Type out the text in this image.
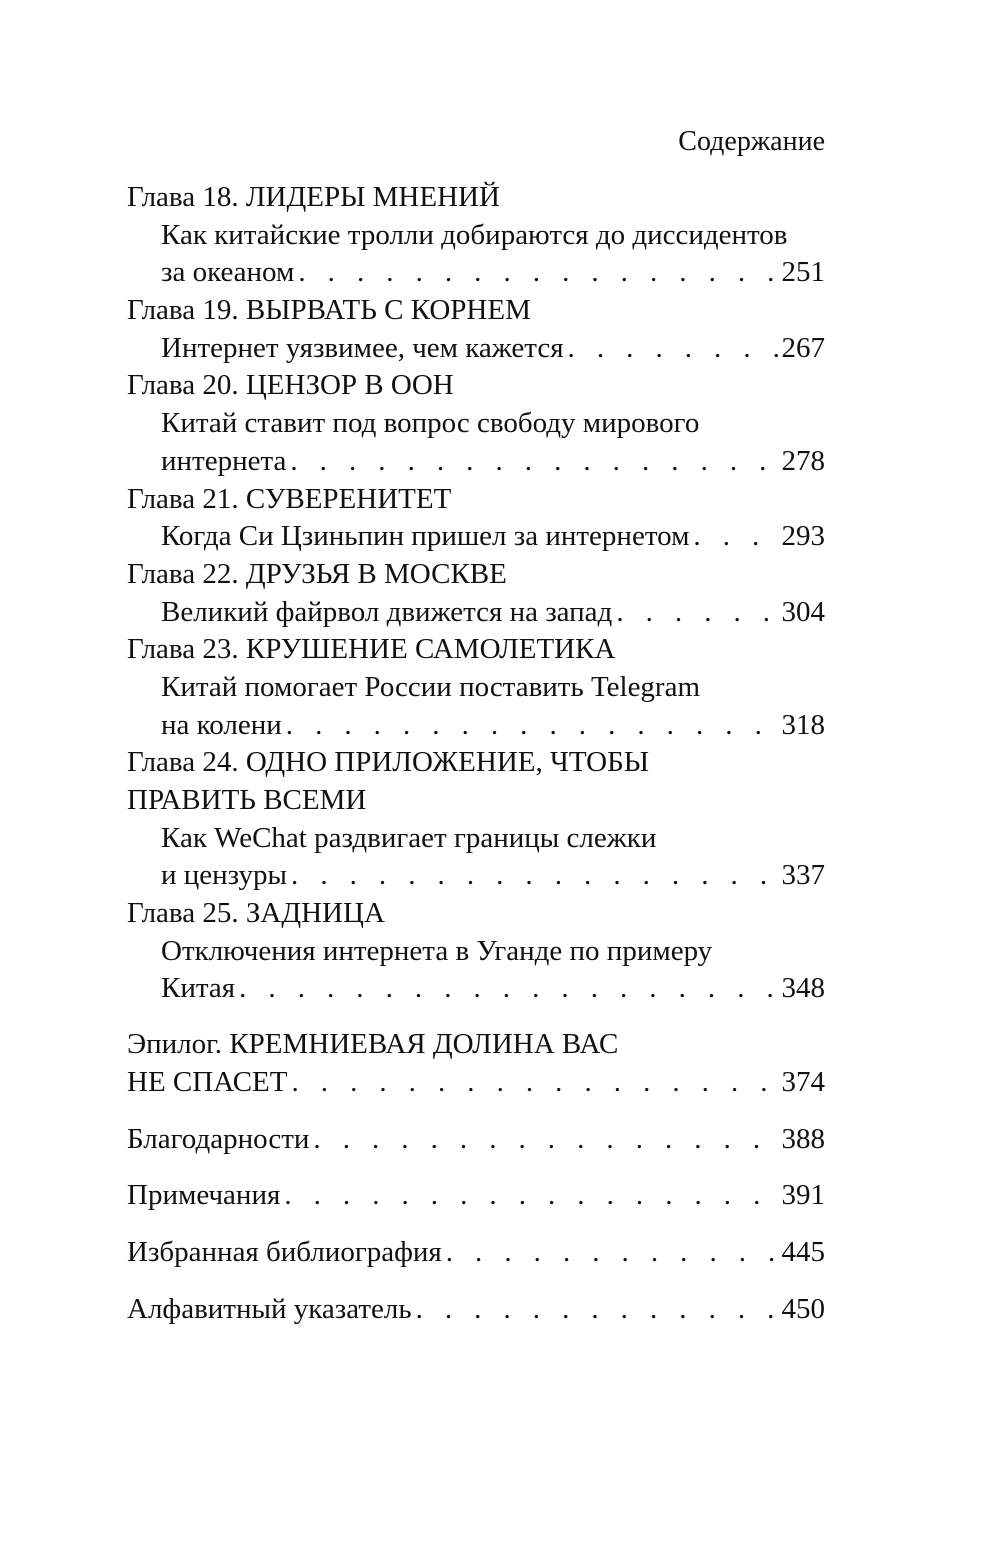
Содержание
Глава 18. ЛИДЕРЫ МНЕНИЙ
Как китайские тролли добираются до диссидентов
за океаном . . .	251
Глава 19. ВЫРВАТЬ С КОРНЕМ
Интернет уязвимее, чем кажется . . .	267
Глава 20. ЦЕНЗОР В ООН
Китай ставит под вопрос свободу мирового
интернета . . .	278
Глава 21. СУВЕРЕНИТЕТ
Когда Си Цзиньпин пришел за интернетом . . .	293
Глава 22. ДРУЗЬЯ В МОСКВЕ
Великий файрвол движется на запад . . .	304
Глава 23. КРУШЕНИЕ САМОЛЕТИКА
Китай помогает России поставить Telegram
на колени . . .	318
Глава 24. ОДНО ПРИЛОЖЕНИЕ, ЧТОБЫ
ПРАВИТЬ ВСЕМИ
Как WeChat раздвигает границы слежки
и цензуры . . .	337
Глава 25. ЗАДНИЦА
Отключения интернета в Уганде по примеру
Китая . . .	348
Эпилог. КРЕМНИЕВАЯ ДОЛИНА ВАС
НЕ СПАСЕТ . . .	374
Благодарности . . .	388
Примечания . . .	391
Избранная библиография . . .	445
Алфавитный указатель . . .	450
